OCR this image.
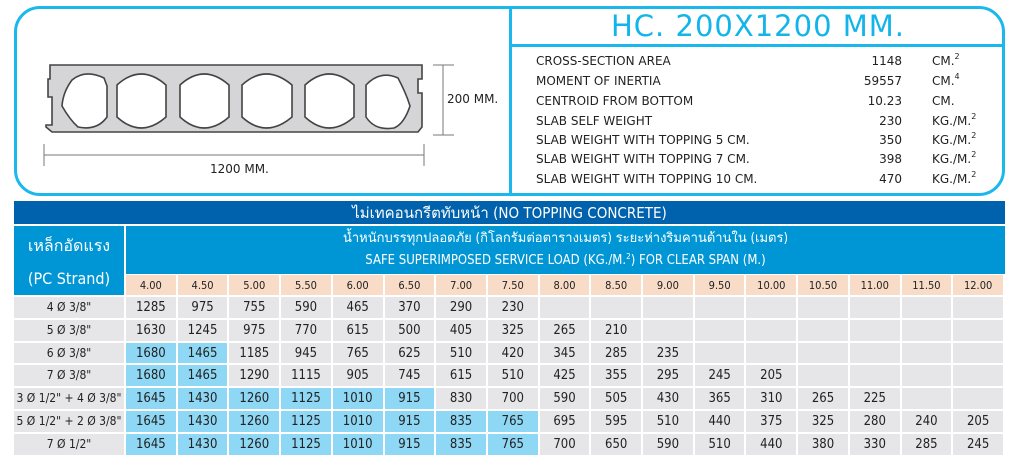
HC. 200X1200 MM.
200 MM.
1200 MM.
CROSS-SECTION AREA	1148	CM.$^2$
MOMENT OF INERTIA	59557	CM.$^4$
CENTROID FROM BOTTOM	10.23	CM.
SLAB SELF WEIGHT	230	KG./M.$^2$
SLAB WEIGHT WITH TOPPING 5 CM.	350	KG./M.$^2$
SLAB WEIGHT WITH TOPPING 7 CM.	398	KG./M.$^2$
SLAB WEIGHT WITH TOPPING 10 CM.	470	KG./M.$^2$
ไม่เทคอนกรีตทับหน้า (NO TOPPING CONCRETE)
เหล็กอัดแรง
(PC Strand)
น้ำหนักบรรทุกปลอดภัย (กิโลกรัมต่อตารางเมตร) ระยะห่างริมคานด้านใน (เมตร)
SAFE SUPERIMPOSED SERVICE LOAD (KG./M.$^2$) FOR CLEAR SPAN (M.)
4.00	4.50	5.00	5.50	6.00	6.50	7.00	7.50	8.00	8.50	9.00	9.50	10.00	10.50	11.00	11.50	12.00
4 Ø 3/8"	1285	975	755	590	465	370	290	230
5 Ø 3/8"	1630	1245	975	770	615	500	405	325	265	210
6 Ø 3/8"	1680	1465	1185	945	765	625	510	420	345	285	235
7 Ø 3/8"	1680	1465	1290	1115	905	745	615	510	425	355	295	245	205
3 Ø 1/2" + 4 Ø 3/8"	1645	1430	1260	1125	1010	915	830	700	590	505	430	365	310	265	225
5 Ø 1/2" + 2 Ø 3/8"	1645	1430	1260	1125	1010	915	835	765	695	595	510	440	375	325	280	240	205
7 Ø 1/2"	1645	1430	1260	1125	1010	915	835	765	700	650	590	510	440	380	330	285	245
